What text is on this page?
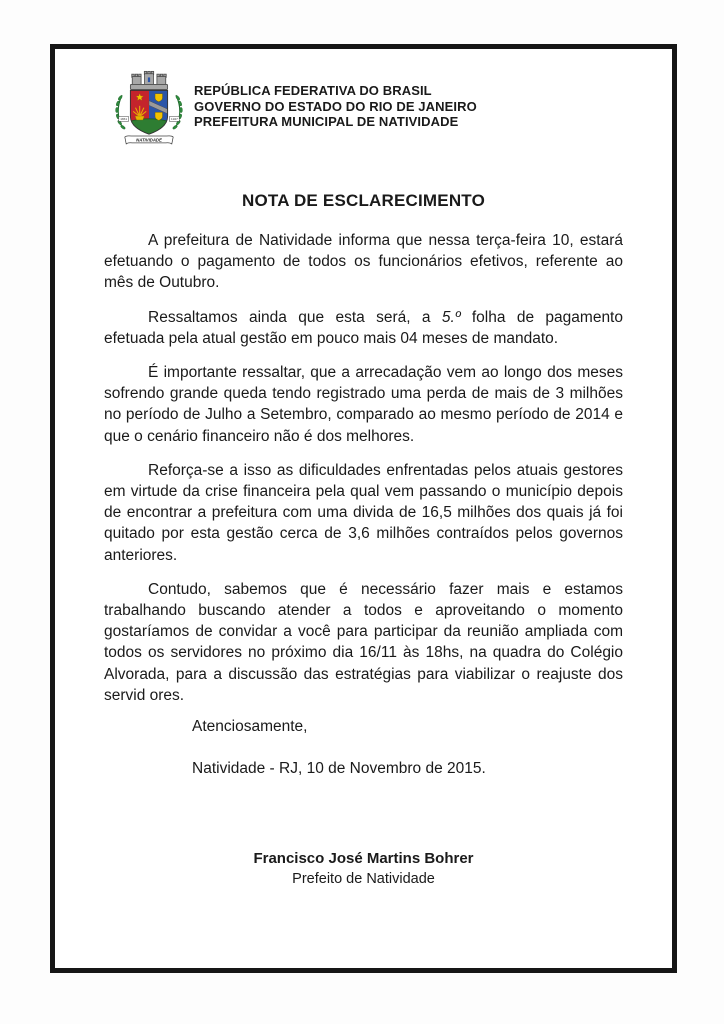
1831	1947
NATIVIDADE
REPÚBLICA FEDERATIVA DO BRASIL
GOVERNO DO ESTADO DO RIO DE JANEIRO
PREFEITURA MUNICIPAL DE NATIVIDADE
NOTA DE ESCLARECIMENTO

A prefeitura de Natividade informa que nessa terça-feira 10, estará efetuando o pagamento de todos os funcionários efetivos, referente ao mês de Outubro.

Ressaltamos ainda que esta será, a 5.º folha de pagamento efetuada pela atual gestão em pouco mais 04 meses de mandato.

É importante ressaltar, que a arrecadação vem ao longo dos meses sofrendo grande queda tendo registrado uma perda de mais de 3 milhões no período de Julho a Setembro, comparado ao mesmo período de 2014 e que o cenário financeiro não é dos melhores.

Reforça-se a isso as dificuldades enfrentadas pelos atuais gestores em virtude da crise financeira pela qual vem passando o município depois de encontrar a prefeitura com uma divida de 16,5 milhões dos quais já foi quitado por esta gestão cerca de 3,6 milhões contraídos pelos governos anteriores.

Contudo, sabemos que é necessário fazer mais e estamos trabalhando buscando atender a todos e aproveitando o momento gostaríamos de convidar a você para participar da reunião ampliada com todos os servidores no próximo dia 16/11 às 18hs, na quadra do Colégio Alvorada, para a discussão das estratégias para viabilizar o reajuste dos servid ores.

Atenciosamente,
Natividade - RJ, 10 de Novembro de 2015.
Francisco José Martins Bohrer
Prefeito de Natividade
